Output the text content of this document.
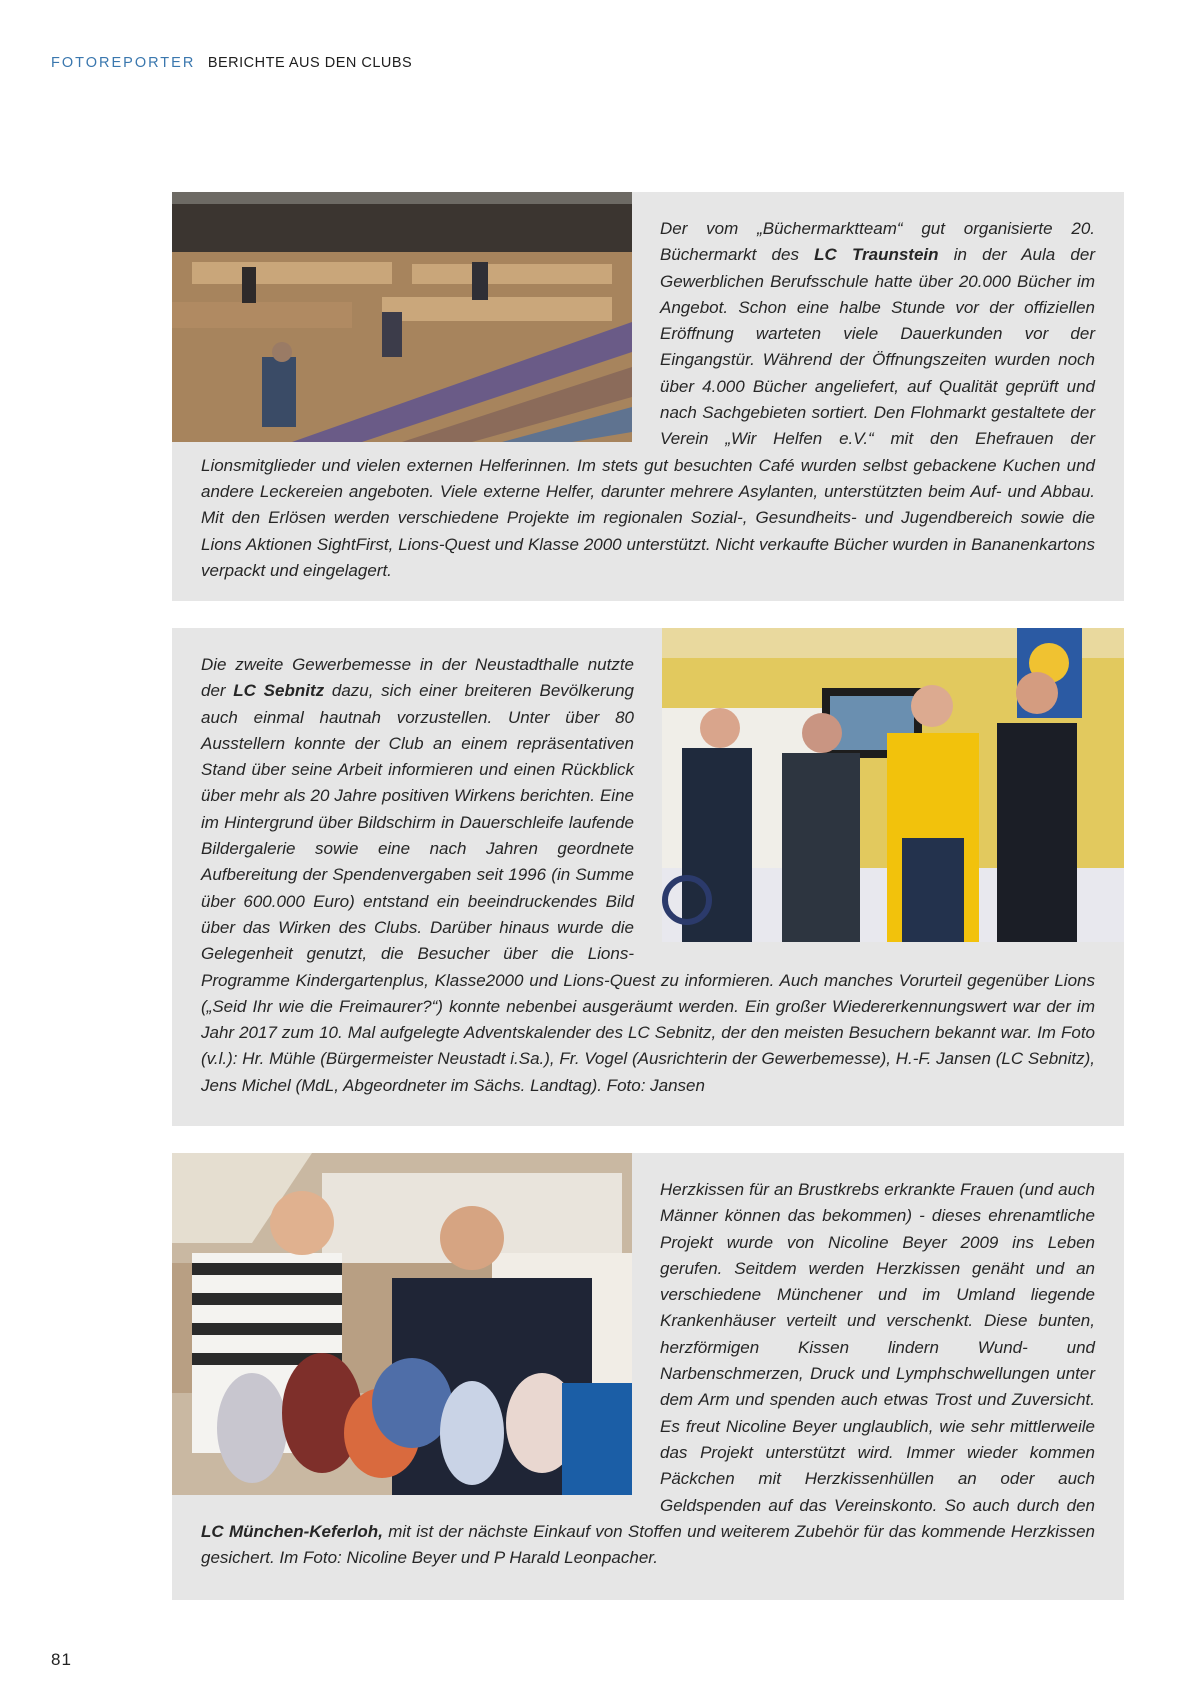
FOTOREPORTER BERICHTE AUS DEN CLUBS

Der vom „Büchermarktteam“ gut organisierte 20. Büchermarkt des LC Traunstein in der Aula der Gewerblichen Berufsschule hatte über 20.000 Bücher im Angebot. Schon eine halbe Stunde vor der offiziellen Eröffnung warteten viele Dauerkunden vor der Eingangstür. Während der Öffnungszeiten wurden noch über 4.000 Bücher angeliefert, auf Qualität geprüft und nach Sachgebieten sortiert. Den Flohmarkt gestaltete der Verein „Wir Helfen e.V.“ mit den Ehefrauen der Lionsmitglieder und vielen externen Helferinnen. Im stets gut besuchten Café wurden selbst gebackene Kuchen und andere Leckereien angeboten. Viele externe Helfer, darunter mehrere Asylanten, unterstützten beim Auf- und Abbau. Mit den Erlösen werden verschiedene Projekte im regionalen Sozial-, Gesundheits- und Jugendbereich sowie die Lions Aktionen SightFirst, Lions-Quest und Klasse 2000 unterstützt. Nicht verkaufte Bücher wurden in Bananenkartons verpackt und eingelagert.

Die zweite Gewerbemesse in der Neustadthalle nutzte der LC Sebnitz dazu, sich einer breiteren Bevölkerung auch einmal hautnah vorzustellen. Unter über 80 Ausstellern konnte der Club an einem repräsentativen Stand über seine Arbeit informieren und einen Rückblick über mehr als 20 Jahre positiven Wirkens berichten. Eine im Hintergrund über Bildschirm in Dauerschleife laufende Bildergalerie sowie eine nach Jahren geordnete Aufbereitung der Spendenvergaben seit 1996 (in Summe über 600.000 Euro) entstand ein beeindruckendes Bild über das Wirken des Clubs. Darüber hinaus wurde die Gelegenheit genutzt, die Besucher über die Lions-Programme Kindergartenplus, Klasse2000 und Lions-Quest zu informieren. Auch manches Vorurteil gegenüber Lions („Seid Ihr wie die Freimaurer?“) konnte nebenbei ausgeräumt werden. Ein großer Wiedererkennungswert war der im Jahr 2017 zum 10. Mal aufgelegte Adventskalender des LC Sebnitz, der den meisten Besuchern bekannt war. Im Foto (v.l.): Hr. Mühle (Bürgermeister Neustadt i.Sa.), Fr. Vogel (Ausrichterin der Gewerbemesse), H.-F. Jansen (LC Sebnitz), Jens Michel (MdL, Abgeordneter im Sächs. Landtag). Foto: Jansen

Herzkissen für an Brustkrebs erkrankte Frauen (und auch Männer können das bekommen) - dieses ehrenamtliche Projekt wurde von Nicoline Beyer 2009 ins Leben gerufen. Seitdem werden Herzkissen genäht und an verschiedene Münchener und im Umland liegende Krankenhäuser verteilt und verschenkt. Diese bunten, herzförmigen Kissen lindern Wund- und Narbenschmerzen, Druck und Lymphschwellungen unter dem Arm und spenden auch etwas Trost und Zuversicht. Es freut Nicoline Beyer unglaublich, wie sehr mittlerweile das Projekt unterstützt wird. Immer wieder kommen Päckchen mit Herzkissenhüllen an oder auch Geldspenden auf das Vereinskonto. So auch durch den LC München-Keferloh, mit ist der nächste Einkauf von Stoffen und weiterem Zubehör für das kommende Herzkissen gesichert. Im Foto: Nicoline Beyer und P Harald Leonpacher.

81
